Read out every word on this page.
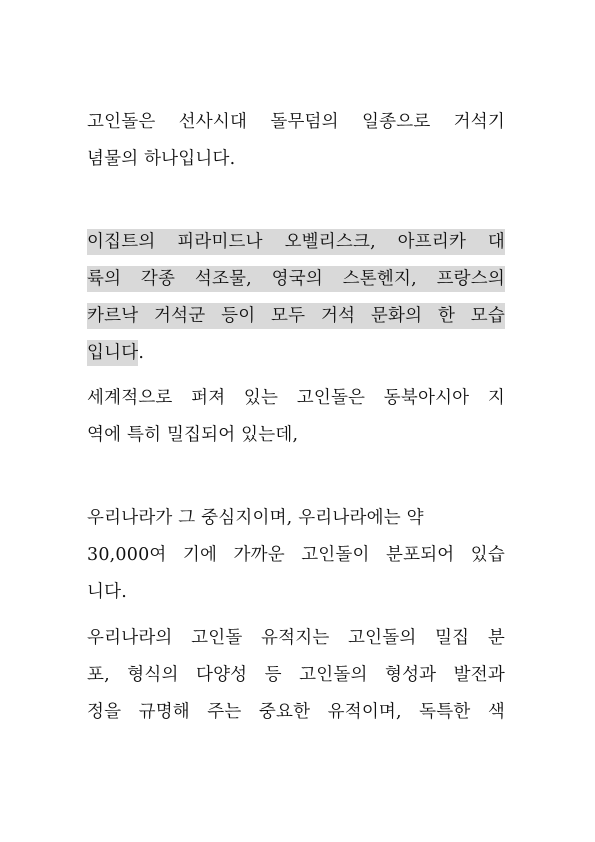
고인돌은 선사시대 돌무덤의 일종으로 거석기
념물의 하나입니다.
이집트의 피라미드나 오벨리스크, 아프리카 대
륙의 각종 석조물, 영국의 스톤헨지, 프랑스의
카르낙 거석군 등이 모두 거석 문화의 한 모습
입니다.
세계적으로 퍼져 있는 고인돌은 동북아시아 지
역에 특히 밀집되어 있는데,
우리나라가 그 중심지이며, 우리나라에는 약
30,000여 기에 가까운 고인돌이 분포되어 있습
니다.
우리나라의 고인돌 유적지는 고인돌의 밀집 분
포, 형식의 다양성 등 고인돌의 형성과 발전과
정을 규명해 주는 중요한 유적이며, 독특한 색
